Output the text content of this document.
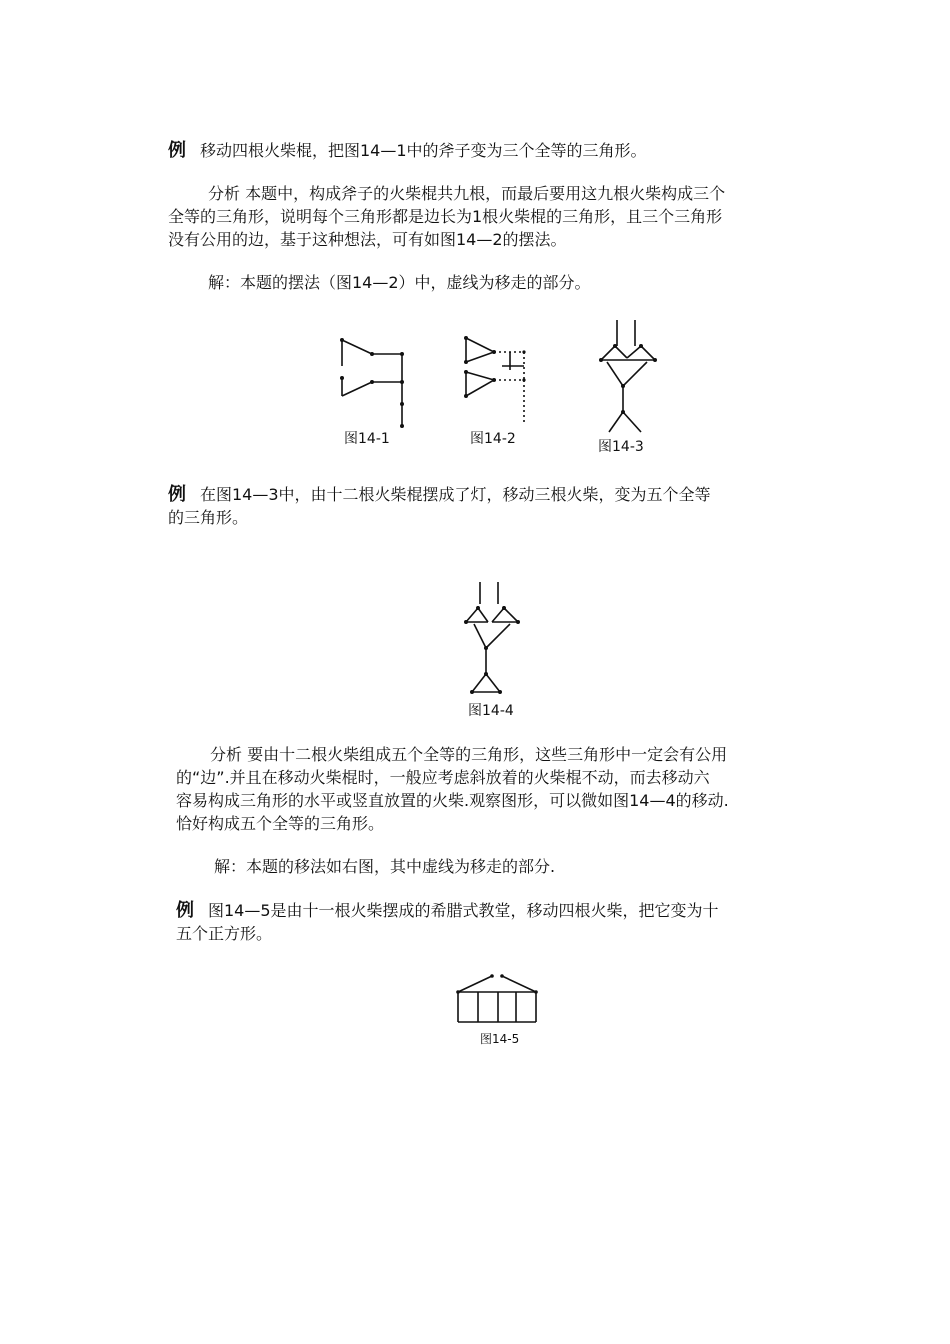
例 移动四根火柴棍，把图14—1中的斧子变为三个全等的三角形。
分析 本题中，构成斧子的火柴棍共九根，而最后要用这九根火柴构成三个
全等的三角形，说明每个三角形都是边长为1根火柴棍的三角形，且三个三角形
没有公用的边，基于这种想法，可有如图14—2的摆法。
解：本题的摆法（图14—2）中，虚线为移走的部分。
图14-1	图14-2	图14-3
例 在图14—3中，由十二根火柴棍摆成了灯，移动三根火柴，变为五个全等
的三角形。
图14-4
分析 要由十二根火柴组成五个全等的三角形，这些三角形中一定会有公用
的“边”.并且在移动火柴棍时，一般应考虑斜放着的火柴棍不动，而去移动六
容易构成三角形的水平或竖直放置的火柴.观察图形，可以微如图14—4的移动.
恰好构成五个全等的三角形。
解：本题的移法如右图，其中虚线为移走的部分.
例 图14—5是由十一根火柴摆成的希腊式教堂，移动四根火柴，把它变为十
五个正方形。
图14-5
